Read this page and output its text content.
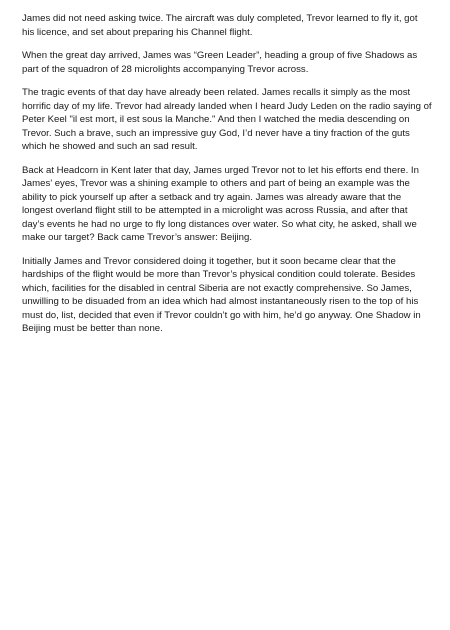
James did not need asking twice. The aircraft was duly completed, Trevor learned to fly it, got his licence, and set about preparing his Channel flight.

When the great day arrived, James was “Green Leader”, heading a group of five Shadows as part of the squadron of 28 microlights accompanying Trevor across.

The tragic events of that day have already been related. James recalls it simply as the most horrific day of my life. Trevor had already landed when I heard Judy Leden on the radio saying of Peter Keel "il est mort, il est sous la Manche." And then I watched the media descending on Trevor. Such a brave, such an impressive guy God, I’d never have a tiny fraction of the guts which he showed and such an sad result.

Back at Headcorn in Kent later that day, James urged Trevor not to let his efforts end there. In James’ eyes, Trevor was a shining example to others and part of being an example was the ability to pick yourself up after a setback and try again. James was already aware that the longest overland flight still to be attempted in a microlight was across Russia, and after that day’s events he had no urge to fly long distances over water. So what city, he asked, shall we make our target? Back came Trevor’s answer: Beijing.

Initially James and Trevor considered doing it together, but it soon became clear that the hardships of the flight would be more than Trevor’s physical condition could tolerate. Besides which, facilities for the disabled in central Siberia are not exactly comprehensive. So James, unwilling to be disuaded from an idea which had almost instantaneously risen to the top of his must do, list, decided that even if Trevor couldn’t go with him, he’d go anyway. One Shadow in Beijing must be better than none.
